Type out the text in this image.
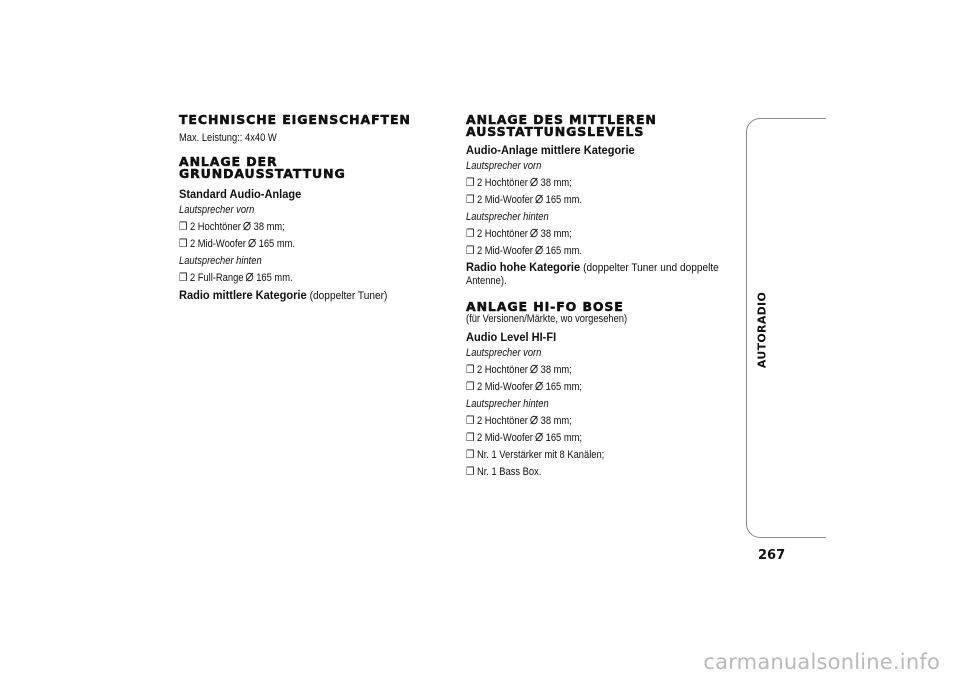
TECHNISCHE EIGENSCHAFTEN
Max. Leistung:: 4x40 W
ANLAGE DER GRUNDAUSSTATTUNG
Standard Audio-Anlage
Lautsprecher vorn
❒ 2 Hochtöner 38 mm;
❒ 2 Mid-Woofer 165 mm.
Lautsprecher hinten
❒ 2 Full-Range 165 mm.
Radio mittlere Kategorie (doppelter Tuner)
ANLAGE DES MITTLEREN
AUSSTATTUNGSLEVELS
Audio-Anlage mittlere Kategorie
Lautsprecher vorn
❒ 2 Hochtöner 38 mm;
❒ 2 Mid-Woofer 165 mm.
Lautsprecher hinten
❒ 2 Hochtöner 38 mm;
❒ 2 Mid-Woofer 165 mm.
Radio hohe Kategorie (doppelter Tuner und doppelte
Antenne).
ANLAGE HI-FO BOSE
(für Versionen/Märkte, wo vorgesehen)
Audio Level HI-FI
Lautsprecher vorn
❒ 2 Hochtöner 38 mm;
❒ 2 Mid-Woofer 165 mm;
Lautsprecher hinten
❒ 2 Hochtöner 38 mm;
❒ 2 Mid-Woofer 165 mm;
❒ Nr. 1 Verstärker mit 8 Kanälen;
❒ Nr. 1 Bass Box.
AUTORADIO
267
carmanualsonline.info
